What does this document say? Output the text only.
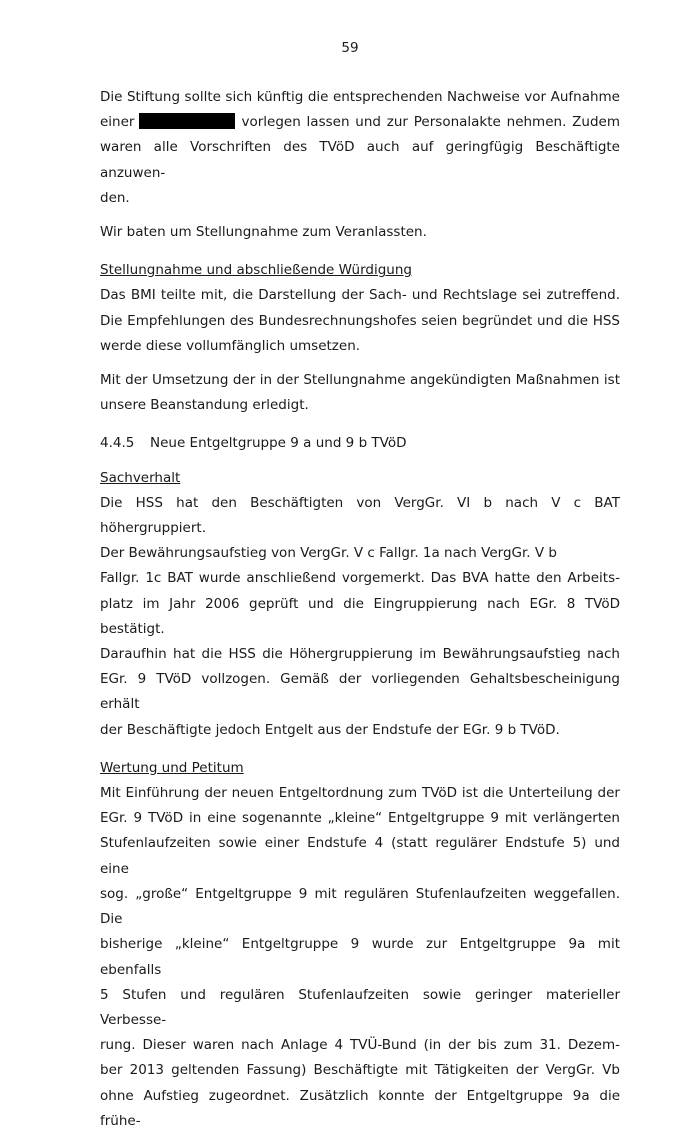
59
Die Stiftung sollte sich künftig die entsprechenden Nachweise vor Aufnahme
einer	vorlegen lassen und zur Personalakte nehmen. Zudem
waren alle Vorschriften des TVöD auch auf geringfügig Beschäftigte anzuwen-
den.
Wir baten um Stellungnahme zum Veranlassten.
Stellungnahme und abschließende Würdigung
Das BMI teilte mit, die Darstellung der Sach- und Rechtslage sei zutreffend.
Die Empfehlungen des Bundesrechnungshofes seien begründet und die HSS
werde diese vollumfänglich umsetzen.
Mit der Umsetzung der in der Stellungnahme angekündigten Maßnahmen ist
unsere Beanstandung erledigt.
4.4.5 Neue Entgeltgruppe 9 a und 9 b TVöD
Sachverhalt
Die HSS hat den Beschäftigten von VergGr. VI b nach V c BAT höhergruppiert.
Der Bewährungsaufstieg von VergGr. V c Fallgr. 1a nach VergGr. V b
Fallgr. 1c BAT wurde anschließend vorgemerkt. Das BVA hatte den Arbeits-
platz im Jahr 2006 geprüft und die Eingruppierung nach EGr. 8 TVöD bestätigt.
Daraufhin hat die HSS die Höhergruppierung im Bewährungsaufstieg nach
EGr. 9 TVöD vollzogen. Gemäß der vorliegenden Gehaltsbescheinigung erhält
der Beschäftigte jedoch Entgelt aus der Endstufe der EGr. 9 b TVöD.
Wertung und Petitum
Mit Einführung der neuen Entgeltordnung zum TVöD ist die Unterteilung der
EGr. 9 TVöD in eine sogenannte „kleine“ Entgeltgruppe 9 mit verlängerten
Stufenlaufzeiten sowie einer Endstufe 4 (statt regulärer Endstufe 5) und eine
sog. „große“ Entgeltgruppe 9 mit regulären Stufenlaufzeiten weggefallen. Die
bisherige „kleine“ Entgeltgruppe 9 wurde zur Entgeltgruppe 9a mit ebenfalls
5 Stufen und regulären Stufenlaufzeiten sowie geringer materieller Verbesse-
rung. Dieser waren nach Anlage 4 TVÜ-Bund (in der bis zum 31. Dezem-
ber 2013 geltenden Fassung) Beschäftigte mit Tätigkeiten der VergGr. Vb
ohne Aufstieg zugeordnet. Zusätzlich konnte der Entgeltgruppe 9a die frühe-
